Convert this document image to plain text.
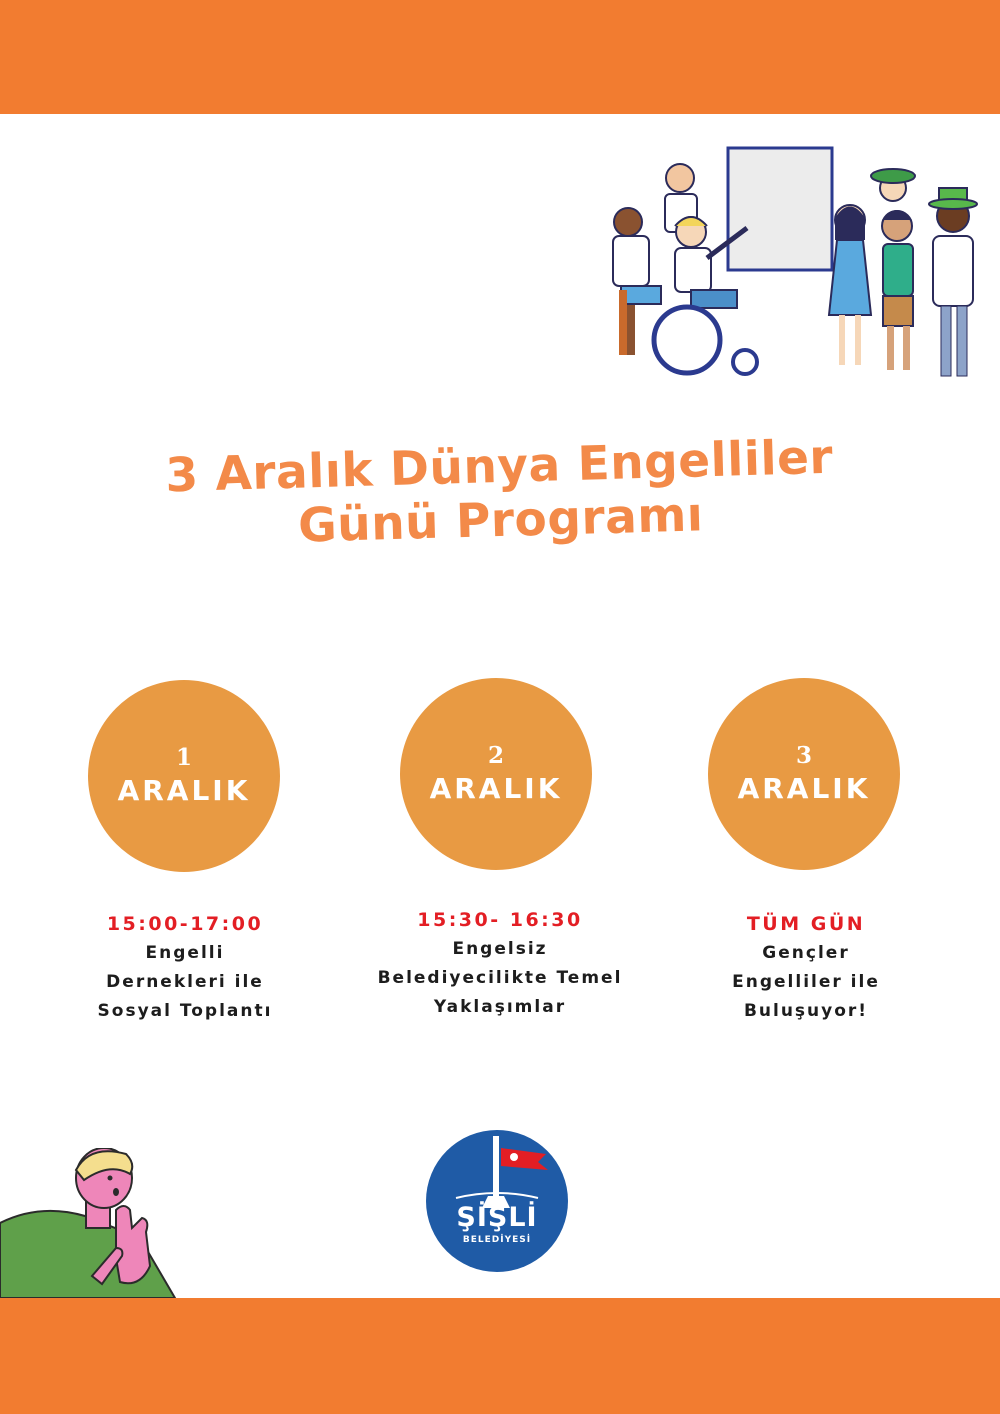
3 Aralık Dünya Engelliler
Günü Programı
1
ARALIK
2
ARALIK
3
ARALIK
15:00-17:00
Engelli
Dernekleri ile
Sosyal Toplantı
15:30- 16:30
Engelsiz
Belediyecilikte Temel
Yaklaşımlar
TÜM GÜN
Gençler
Engelliler ile
Buluşuyor!
ŞİŞLİ
BELEDİYESİ
